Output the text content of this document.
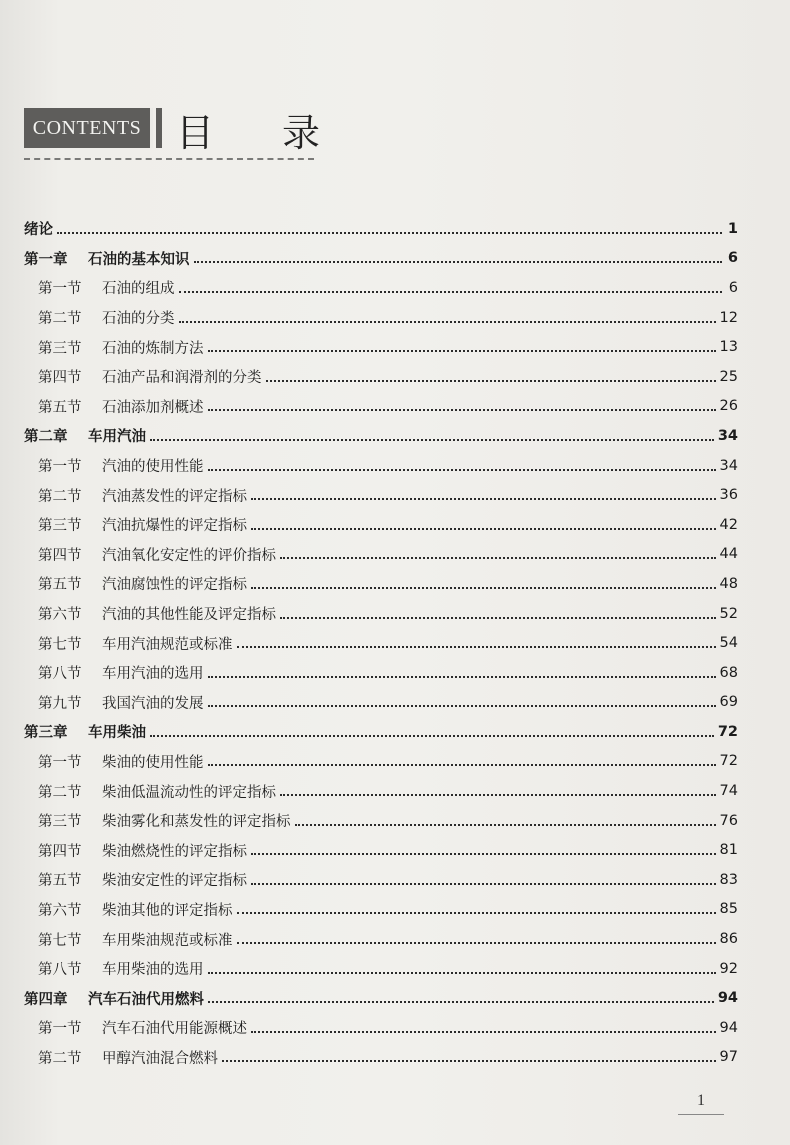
CONTENTS 目录
绪论	1
第一章 石油的基本知识	6
第一节 石油的组成	6
第二节 石油的分类	12
第三节 石油的炼制方法	13
第四节 石油产品和润滑剂的分类	25
第五节 石油添加剂概述	26
第二章 车用汽油	34
第一节 汽油的使用性能	34
第二节 汽油蒸发性的评定指标	36
第三节 汽油抗爆性的评定指标	42
第四节 汽油氧化安定性的评价指标	44
第五节 汽油腐蚀性的评定指标	48
第六节 汽油的其他性能及评定指标	52
第七节 车用汽油规范或标准	54
第八节 车用汽油的选用	68
第九节 我国汽油的发展	69
第三章 车用柴油	72
第一节 柴油的使用性能	72
第二节 柴油低温流动性的评定指标	74
第三节 柴油雾化和蒸发性的评定指标	76
第四节 柴油燃烧性的评定指标	81
第五节 柴油安定性的评定指标	83
第六节 柴油其他的评定指标	85
第七节 车用柴油规范或标准	86
第八节 车用柴油的选用	92
第四章 汽车石油代用燃料	94
第一节 汽车石油代用能源概述	94
第二节 甲醇汽油混合燃料	97
1
